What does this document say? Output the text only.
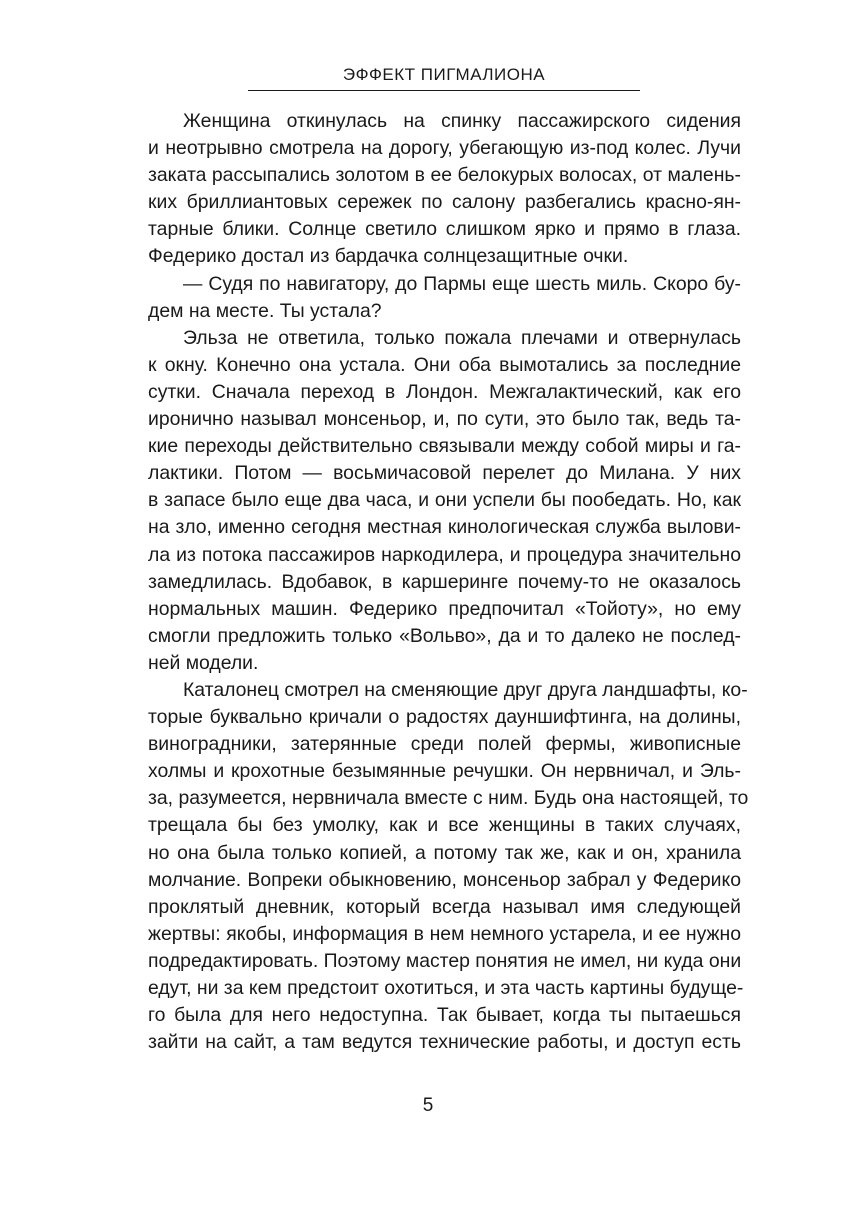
ЭФФЕКТ ПИГМАЛИОНА

Женщина откинулась на спинку пассажирского сидения
и неотрывно смотрела на дорогу, убегающую из-под колес. Лучи
заката рассыпались золотом в ее белокурых волосах, от малень-
ких бриллиантовых сережек по салону разбегались красно-ян-
тарные блики. Солнце светило слишком ярко и прямо в глаза.
Федерико достал из бардачка солнцезащитные очки.

— Судя по навигатору, до Пармы еще шесть миль. Скоро бу-
дем на месте. Ты устала?

Эльза не ответила, только пожала плечами и отвернулась
к окну. Конечно она устала. Они оба вымотались за последние
сутки. Сначала переход в Лондон. Межгалактический, как его
иронично называл монсеньор, и, по сути, это было так, ведь та-
кие переходы действительно связывали между собой миры и га-
лактики. Потом — восьмичасовой перелет до Милана. У них
в запасе было еще два часа, и они успели бы пообедать. Но, как
на зло, именно сегодня местная кинологическая служба вылови-
ла из потока пассажиров наркодилера, и процедура значительно
замедлилась. Вдобавок, в каршеринге почему-то не оказалось
нормальных машин. Федерико предпочитал «Тойоту», но ему
смогли предложить только «Вольво», да и то далеко не послед-
ней модели.

Каталонец смотрел на сменяющие друг друга ландшафты, ко-
торые буквально кричали о радостях дауншифтинга, на долины,
виноградники, затерянные среди полей фермы, живописные
холмы и крохотные безымянные речушки. Он нервничал, и Эль-
за, разумеется, нервничала вместе с ним. Будь она настоящей, то
трещала бы без умолку, как и все женщины в таких случаях,
но она была только копией, а потому так же, как и он, хранила
молчание. Вопреки обыкновению, монсеньор забрал у Федерико
проклятый дневник, который всегда называл имя следующей
жертвы: якобы, информация в нем немного устарела, и ее нужно
подредактировать. Поэтому мастер понятия не имел, ни куда они
едут, ни за кем предстоит охотиться, и эта часть картины будуще-
го была для него недоступна. Так бывает, когда ты пытаешься
зайти на сайт, а там ведутся технические работы, и доступ есть

5
